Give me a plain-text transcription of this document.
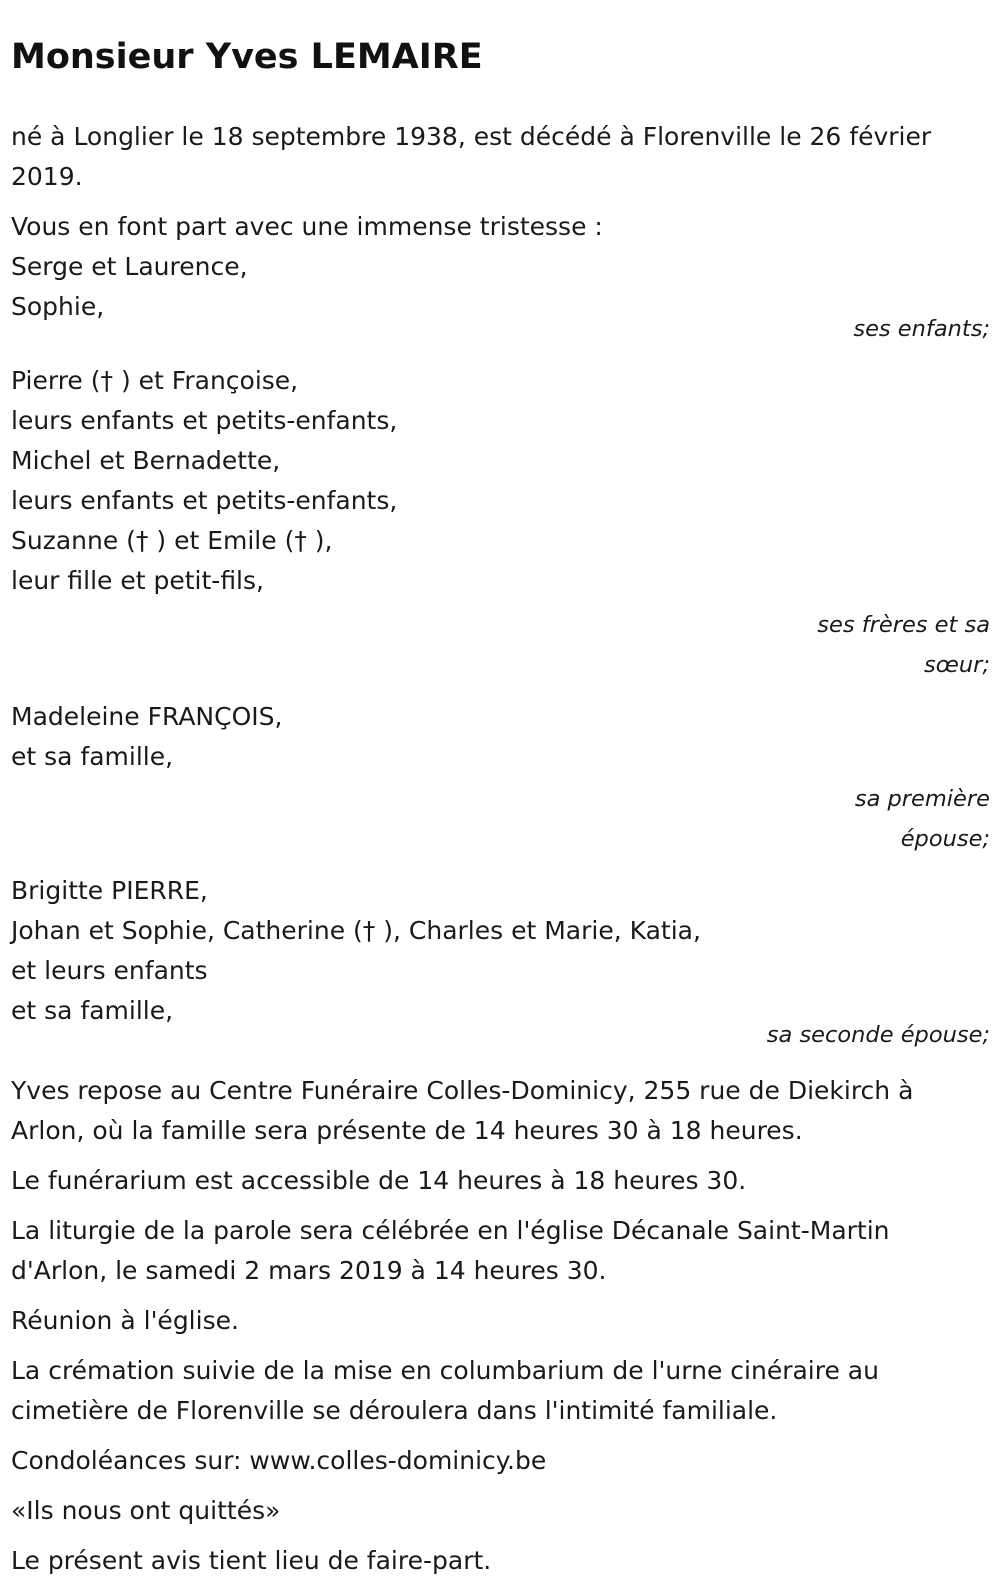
Monsieur Yves LEMAIRE

né à Longlier le 18 septembre 1938, est décédé à Florenville le 26 février 2019.

Vous en font part avec une immense tristesse :

Serge et Laurence,
Sophie,

ses enfants;

Pierre († ) et Françoise,
leurs enfants et petits-enfants,
Michel et Bernadette,
leurs enfants et petits-enfants,
Suzanne († ) et Emile († ),
leur fille et petit-fils,

ses frères et sa sœur;

Madeleine FRANÇOIS,
et sa famille,

sa première épouse;

Brigitte PIERRE,
Johan et Sophie, Catherine († ), Charles et Marie, Katia,
et leurs enfants
et sa famille,

sa seconde épouse;

Yves repose au Centre Funéraire Colles-Dominicy, 255 rue de Diekirch à Arlon, où la famille sera présente de 14 heures 30 à 18 heures.

Le funérarium est accessible de 14 heures à 18 heures 30.

La liturgie de la parole sera célébrée en l'église Décanale Saint-Martin d'Arlon, le samedi 2 mars 2019 à 14 heures 30.

Réunion à l'église.

La crémation suivie de la mise en columbarium de l'urne cinéraire au cimetière de Florenville se déroulera dans l'intimité familiale.

Condoléances sur: www.colles-dominicy.be

«Ils nous ont quittés»

Le présent avis tient lieu de faire-part.
